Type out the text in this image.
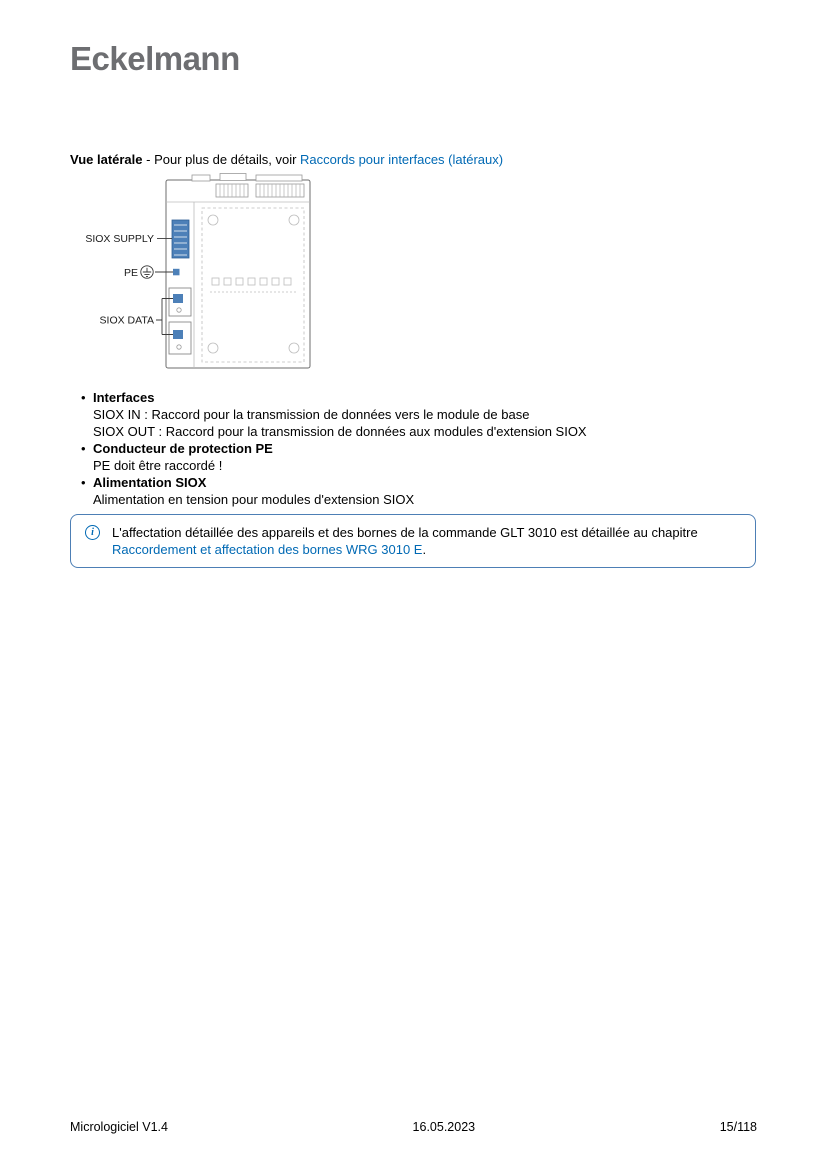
Eckelmann

Vue latérale - Pour plus de détails, voir Raccords pour interfaces (latéraux)

SIOX SUPPLY
PE
SIOX DATA
• Interfaces
SIOX IN : Raccord pour la transmission de données vers le module de base
SIOX OUT : Raccord pour la transmission de données aux modules d'extension SIOX
• Conducteur de protection PE
PE doit être raccordé !
• Alimentation SIOX
Alimentation en tension pour modules d'extension SIOX
i
L'affectation détaillée des appareils et des bornes de la commande GLT 3010 est détaillée au chapitre Raccordement et affectation des bornes WRG 3010 E.
Micrologiciel V1.4	16.05.2023	15/118
